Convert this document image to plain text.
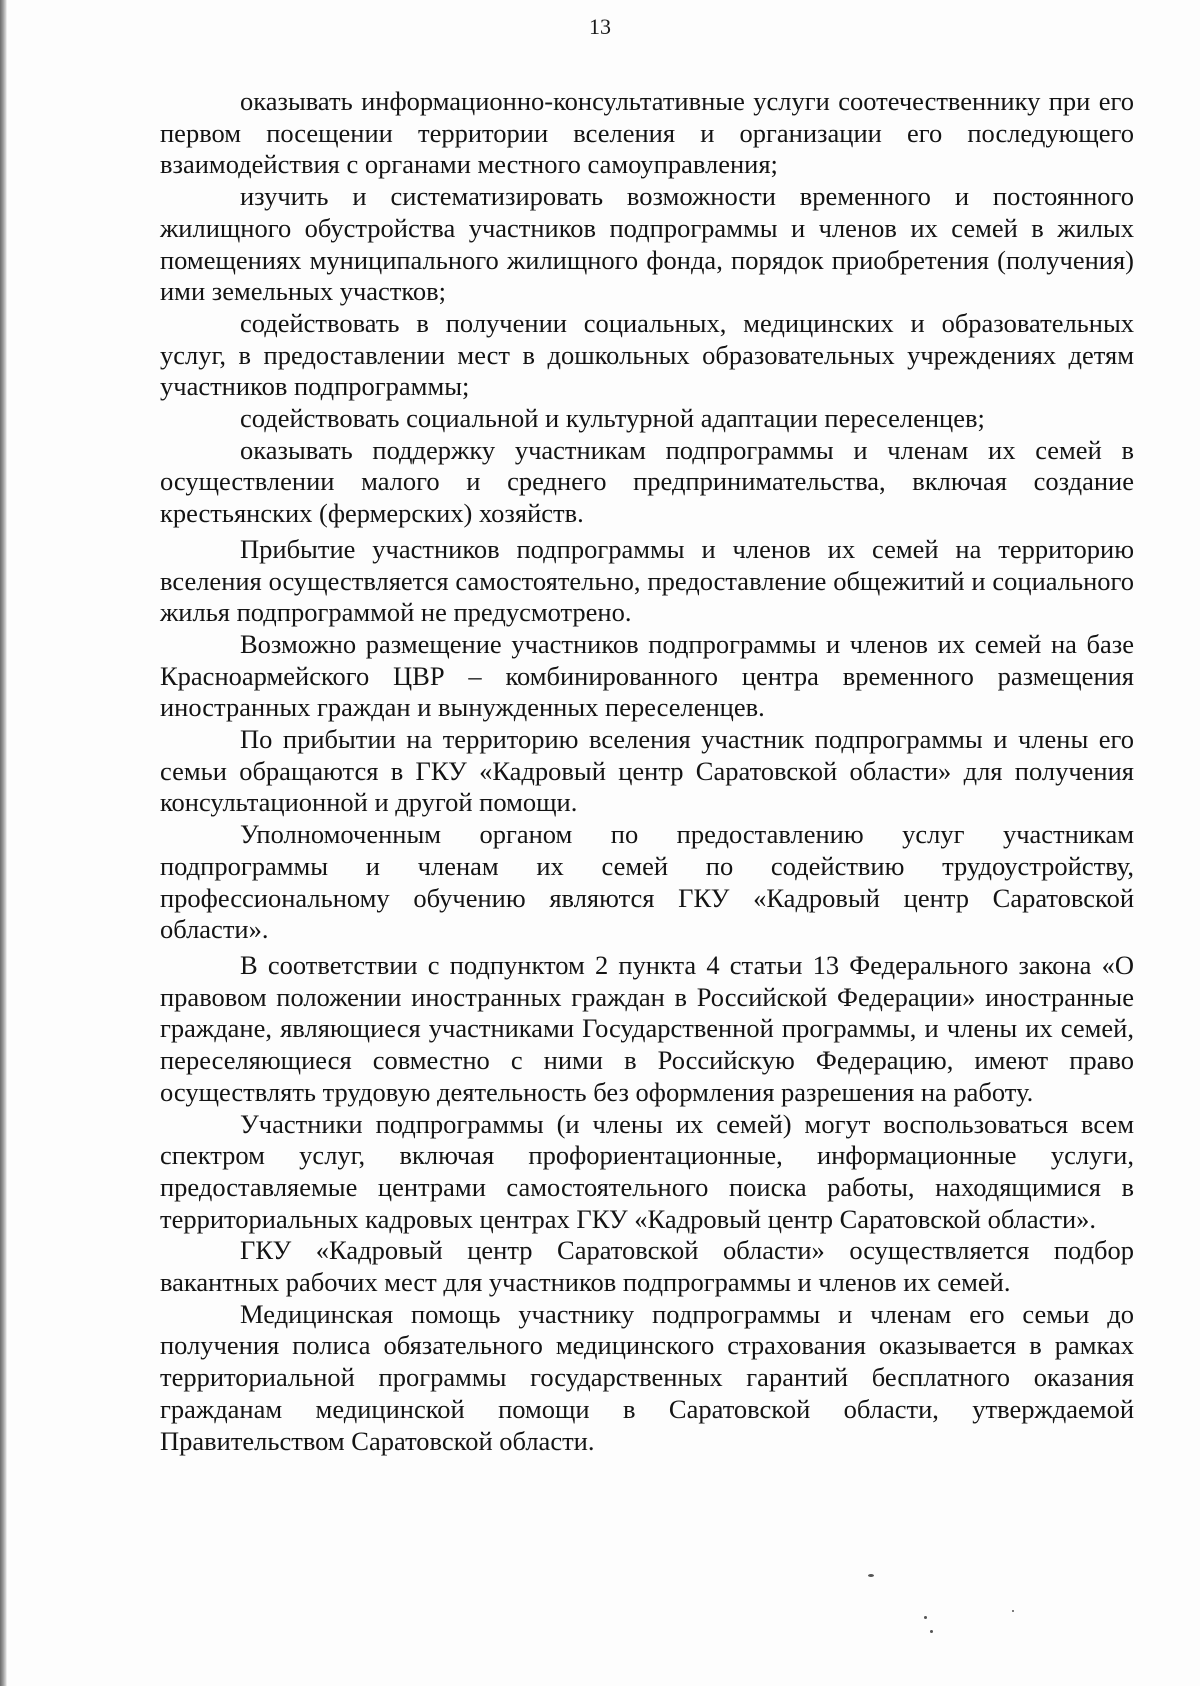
13

оказывать информационно-консультативные услуги соотечественнику при его первом посещении территории вселения и организации его последующего взаимодействия с органами местного самоуправления;

изучить и систематизировать возможности временного и постоянного жилищного обустройства участников подпрограммы и членов их семей в жилых помещениях муниципального жилищного фонда, порядок приобретения (получения) ими земельных участков;

содействовать в получении социальных, медицинских и образовательных услуг, в предоставлении мест в дошкольных образовательных учреждениях детям участников подпрограммы;

содействовать социальной и культурной адаптации переселенцев;

оказывать поддержку участникам подпрограммы и членам их семей в осуществлении малого и среднего предпринимательства, включая создание крестьянских (фермерских) хозяйств.

Прибытие участников подпрограммы и членов их семей на территорию вселения осуществляется самостоятельно, предоставление общежитий и социального жилья подпрограммой не предусмотрено.

Возможно размещение участников подпрограммы и членов их семей на базе Красноармейского ЦВР – комбинированного центра временного размещения иностранных граждан и вынужденных переселенцев.

По прибытии на территорию вселения участник подпрограммы и члены его семьи обращаются в ГКУ «Кадровый центр Саратовской области» для получения консультационной и другой помощи.

Уполномоченным органом по предоставлению услуг участникам подпрограммы и членам их семей по содействию трудоустройству, профессиональному обучению являются ГКУ «Кадровый центр Саратовской области».

В соответствии с подпунктом 2 пункта 4 статьи 13 Федерального закона «О правовом положении иностранных граждан в Российской Федерации» иностранные граждане, являющиеся участниками Государственной программы, и члены их семей, переселяющиеся совместно с ними в Российскую Федерацию, имеют право осуществлять трудовую деятельность без оформления разрешения на работу.

Участники подпрограммы (и члены их семей) могут воспользоваться всем спектром услуг, включая профориентационные, информационные услуги, предоставляемые центрами самостоятельного поиска работы, находящимися в территориальных кадровых центрах ГКУ «Кадровый центр Саратовской области».

ГКУ «Кадровый центр Саратовской области» осуществляется подбор вакантных рабочих мест для участников подпрограммы и членов их семей.

Медицинская помощь участнику подпрограммы и членам его семьи до получения полиса обязательного медицинского страхования оказывается в рамках территориальной программы государственных гарантий бесплатного оказания гражданам медицинской помощи в Саратовской области, утверждаемой Правительством Саратовской области.
